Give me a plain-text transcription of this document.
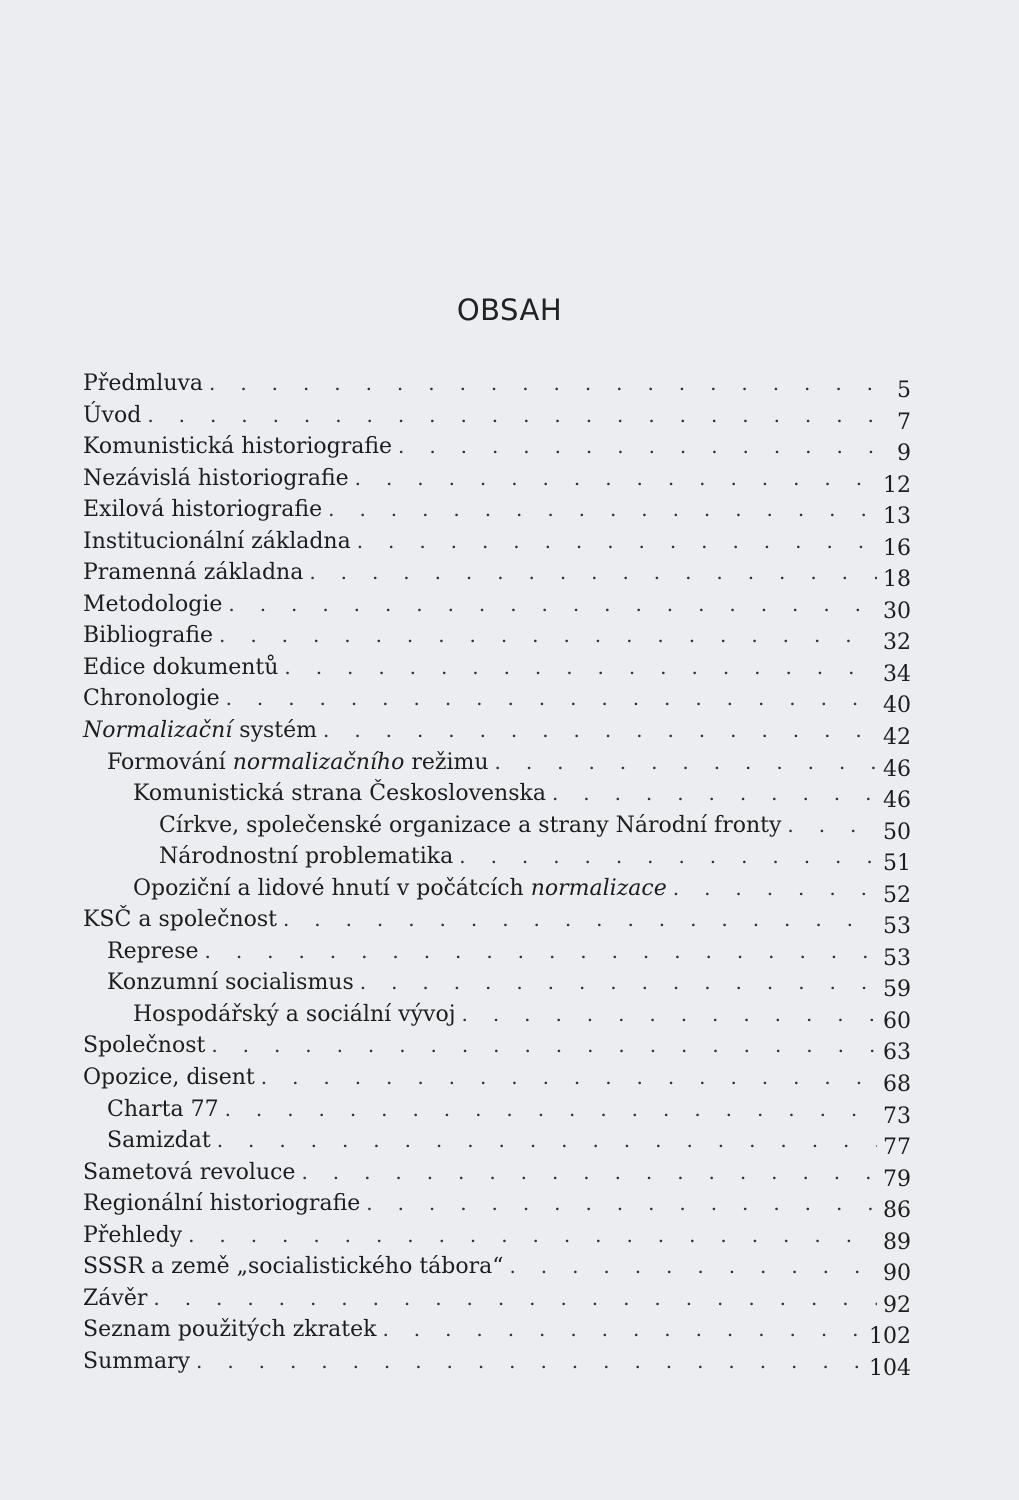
OBSAH
Předmluva . . .	5
Úvod . . .	7
Komunistická historiografie . . .	9
Nezávislá historiografie . . .	12
Exilová historiografie . . .	13
Institucionální základna . . .	16
Pramenná základna . . .	18
Metodologie . . .	30
Bibliografie . . .	32
Edice dokumentů . . .	34
Chronologie . . .	40
Normalizační systém . . .	42
Formování normalizačního režimu . . .	46
Komunistická strana Československa . . .	46
Církve, společenské organizace a strany Národní fronty . . .	50
Národnostní problematika . . .	51
Opoziční a lidové hnutí v počátcích normalizace . . .	52
KSČ a společnost . . .	53
Represe . . .	53
Konzumní socialismus . . .	59
Hospodářský a sociální vývoj . . .	60
Společnost . . .	63
Opozice, disent . . .	68
Charta 77 . . .	73
Samizdat . . .	77
Sametová revoluce . . .	79
Regionální historiografie . . .	86
Přehledy . . .	89
SSSR a země „socialistického tábora“ . . .	90
Závěr . . .	92
Seznam použitých zkratek . . .	102
Summary . . .	104
